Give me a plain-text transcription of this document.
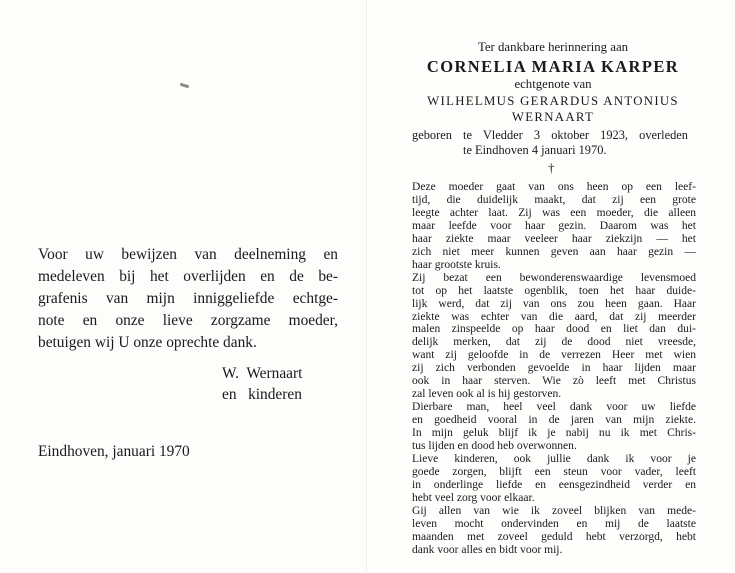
Voor uw bewijzen van deelneming en
medeleven bij het overlijden en de be-
grafenis van mijn inniggeliefde echtge-
note en onze lieve zorgzame moeder,
betuigen wij U onze oprechte dank.
W.  Wernaart
en   kinderen
Eindhoven, januari 1970
Ter dankbare herinnering aan
CORNELIA MARIA KARPER
echtgenote van
WILHELMUS GERARDUS ANTONIUS
WERNAART
geboren te Vledder 3 oktober 1923, overleden
te Eindhoven 4 januari 1970.
†
Deze moeder gaat van ons heen op een leef-
tijd, die duidelijk maakt, dat zij een grote
leegte achter laat. Zij was een moeder, die alleen
maar leefde voor haar gezin. Daarom was het
haar ziekte maar veeleer haar ziekzijn — het
zich niet meer kunnen geven aan haar gezin —
haar grootste kruis.
Zij bezat een bewonderenswaardige levensmoed
tot op het laatste ogenblik, toen het haar duide-
lijk werd, dat zij van ons zou heen gaan. Haar
ziekte was echter van die aard, dat zij meerder
malen zinspeelde op haar dood en liet dan dui-
delijk merken, dat zij de dood niet vreesde,
want zij geloofde in de verrezen Heer met wien
zij zich verbonden gevoelde in haar lijden maar
ook in haar sterven. Wie zò leeft met Christus
zal leven ook al is hij gestorven.
Dierbare man, heel veel dank voor uw liefde
en goedheid vooral in de jaren van mijn ziekte.
In mijn geluk blijf ik je nabij nu ik met Chris-
tus lijden en dood heb overwonnen.
Lieve kinderen, ook jullie dank ik voor je
goede zorgen, blijft een steun voor vader, leeft
in onderlinge liefde en eensgezindheid verder en
hebt veel zorg voor elkaar.
Gij allen van wie ik zoveel blijken van mede-
leven mocht ondervinden en mij de laatste
maanden met zoveel geduld hebt verzorgd, hebt
dank voor alles en bidt voor mij.
